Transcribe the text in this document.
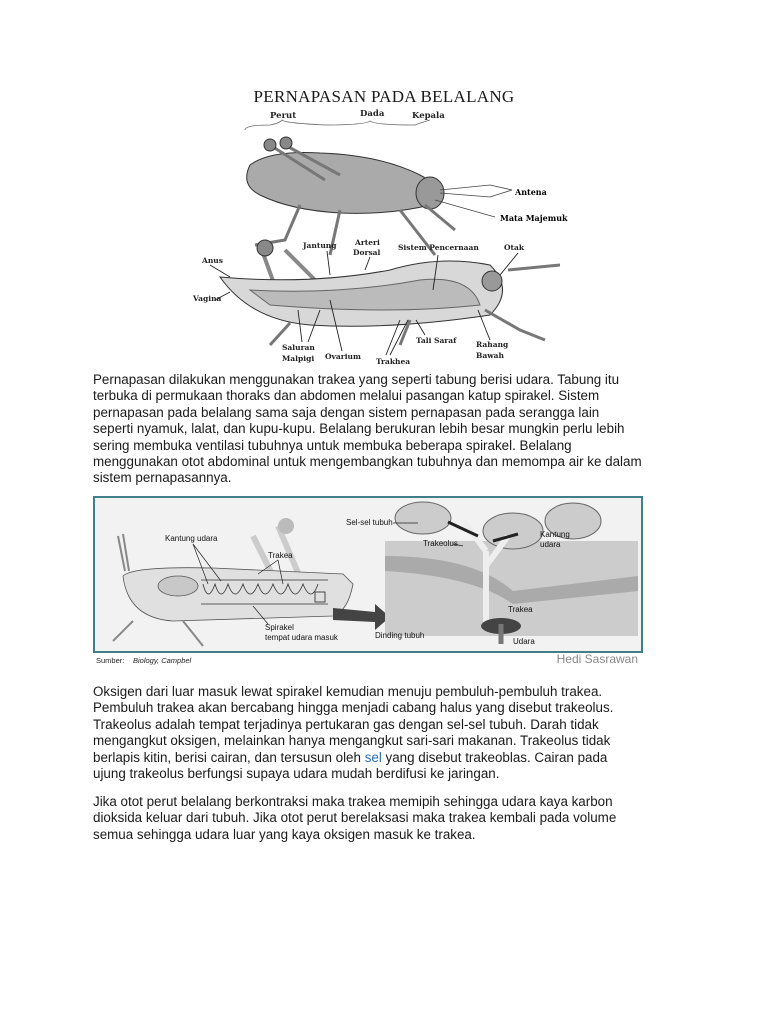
PERNAPASAN PADA BELALANG
Perut	Dada	Kepala
Antena
Mata Majemuk
Anus
Vagina
Jantung Arteri
Dorsal
Sistem Pencernaan	Otak
Saluran
Malpigi Ovarium
Trakhea
Tali Saraf	Rahang
Bawah
Pernapasan dilakukan menggunakan trakea yang seperti tabung berisi udara. Tabung itu
terbuka di permukaan thoraks dan abdomen melalui pasangan katup spirakel. Sistem
pernapasan pada belalang sama saja dengan sistem pernapasan pada serangga lain
seperti nyamuk, lalat, dan kupu-kupu. Belalang berukuran lebih besar mungkin perlu lebih
sering membuka ventilasi tubuhnya untuk membuka beberapa spirakel. Belalang
menggunakan otot abdominal untuk mengembangkan tubuhnya dan memompa air ke dalam
sistem pernapasannya.
Kantung udara
Trakea
Spirakel
tempat udara masuk
Sel-sel tubuh
Trakeolus
Kantung
udara
Trakea
Dinding tubuh
Udara
Sumber: Biology, Campbel	Hedi Sasrawan
Oksigen dari luar masuk lewat spirakel kemudian menuju pembuluh-pembuluh trakea.
Pembuluh trakea akan bercabang hingga menjadi cabang halus yang disebut trakeolus.
Trakeolus adalah tempat terjadinya pertukaran gas dengan sel-sel tubuh. Darah tidak
mengangkut oksigen, melainkan hanya mengangkut sari-sari makanan. Trakeolus tidak
berlapis kitin, berisi cairan, dan tersusun oleh sel yang disebut trakeoblas. Cairan pada
ujung trakeolus berfungsi supaya udara mudah berdifusi ke jaringan.
Jika otot perut belalang berkontraksi maka trakea memipih sehingga udara kaya karbon
dioksida keluar dari tubuh. Jika otot perut berelaksasi maka trakea kembali pada volume
semua sehingga udara luar yang kaya oksigen masuk ke trakea.
